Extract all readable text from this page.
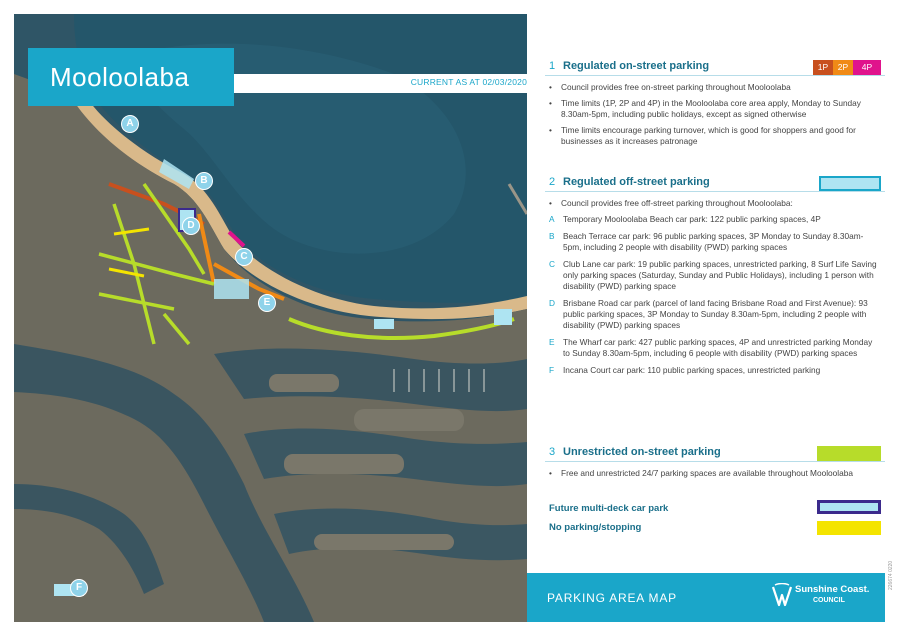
Mooloolaba	CURRENT AS AT 02/03/2020
A
B
C
D
E
F
1 Regulated on-street parking	1P	2P	4P
• Council provides free on-street parking throughout Mooloolaba
• Time limits (1P, 2P and 4P) in the Mooloolaba core area apply, Monday to Sunday 8.30am-5pm, including public holidays, except as signed otherwise
• Time limits encourage parking turnover, which is good for shoppers and good for businesses as it increases patronage
2 Regulated off-street parking
• Council provides free off-street parking throughout Mooloolaba:
A Temporary Mooloolaba Beach car park: 122 public parking spaces, 4P
B Beach Terrace car park: 96 public parking spaces, 3P Monday to Sunday 8.30am-5pm, including 2 people with disability (PWD) parking spaces
C Club Lane car park: 19 public parking spaces, unrestricted parking, 8 Surf Life Saving only parking spaces (Saturday, Sunday and Public Holidays), including 1 person with disability (PWD) parking space
D Brisbane Road car park (parcel of land facing Brisbane Road and First Avenue): 93 public parking spaces, 3P Monday to Sunday 8.30am-5pm, including 2 people with disability (PWD) parking spaces
E The Wharf car park: 427 public parking spaces, 4P and unrestricted parking Monday to Sunday 8.30am-5pm, including 6 people with disability (PWD) parking spaces
F Incana Court car park: 110 public parking spaces, unrestricted parking
3 Unrestricted on-street parking
• Free and unrestricted 24/7 parking spaces are available throughout Mooloolaba
Future multi-deck car park
No parking/stopping
PARKING AREA MAP
Sunshine Coast.
COUNCIL
226674 0220
